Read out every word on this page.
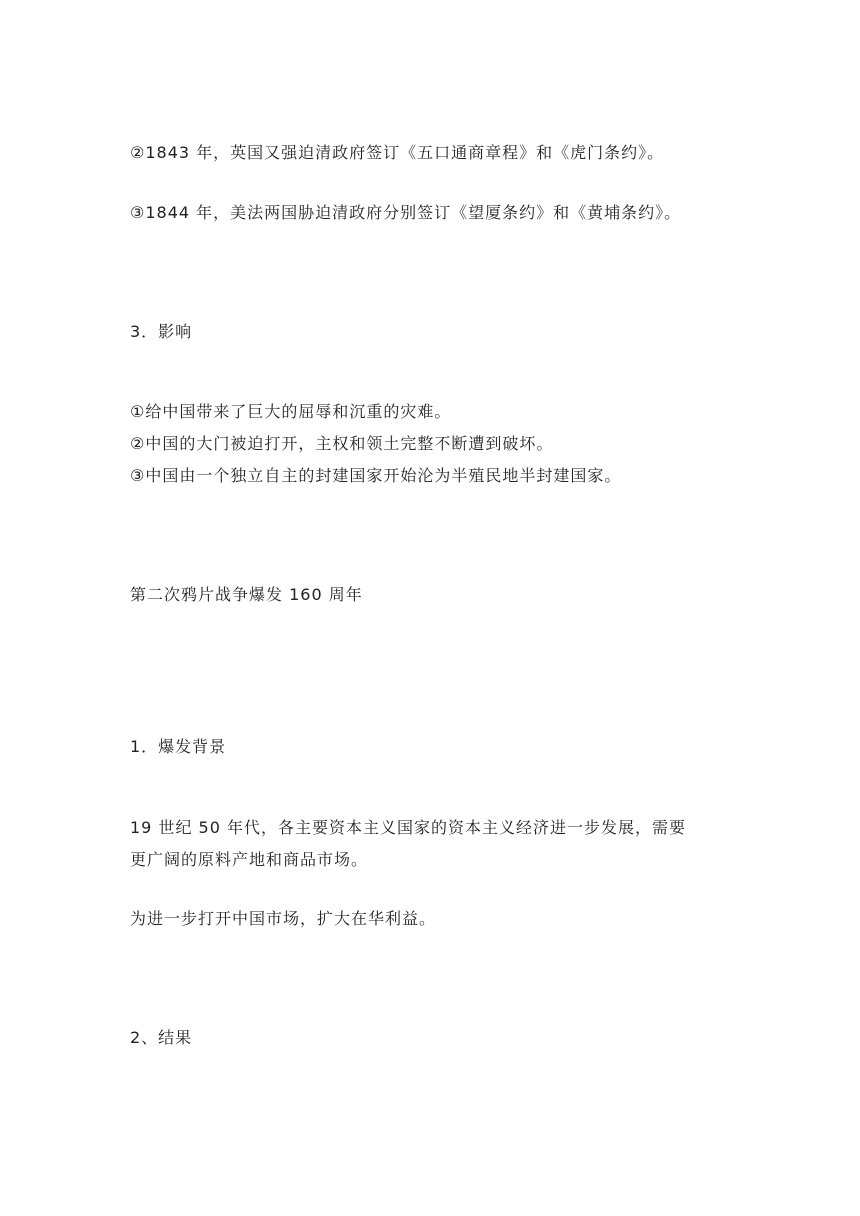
②1843 年，英国又强迫清政府签订《五口通商章程》和《虎门条约》。
③1844 年，美法两国胁迫清政府分别签订《望厦条约》和《黄埔条约》。
3．影响
①给中国带来了巨大的屈辱和沉重的灾难。
②中国的大门被迫打开，主权和领土完整不断遭到破坏。
③中国由一个独立自主的封建国家开始沦为半殖民地半封建国家。
第二次鸦片战争爆发 160 周年
1．爆发背景
19 世纪 50 年代，各主要资本主义国家的资本主义经济进一步发展，需要
更广阔的原料产地和商品市场。
为进一步打开中国市场，扩大在华利益。
2、结果
